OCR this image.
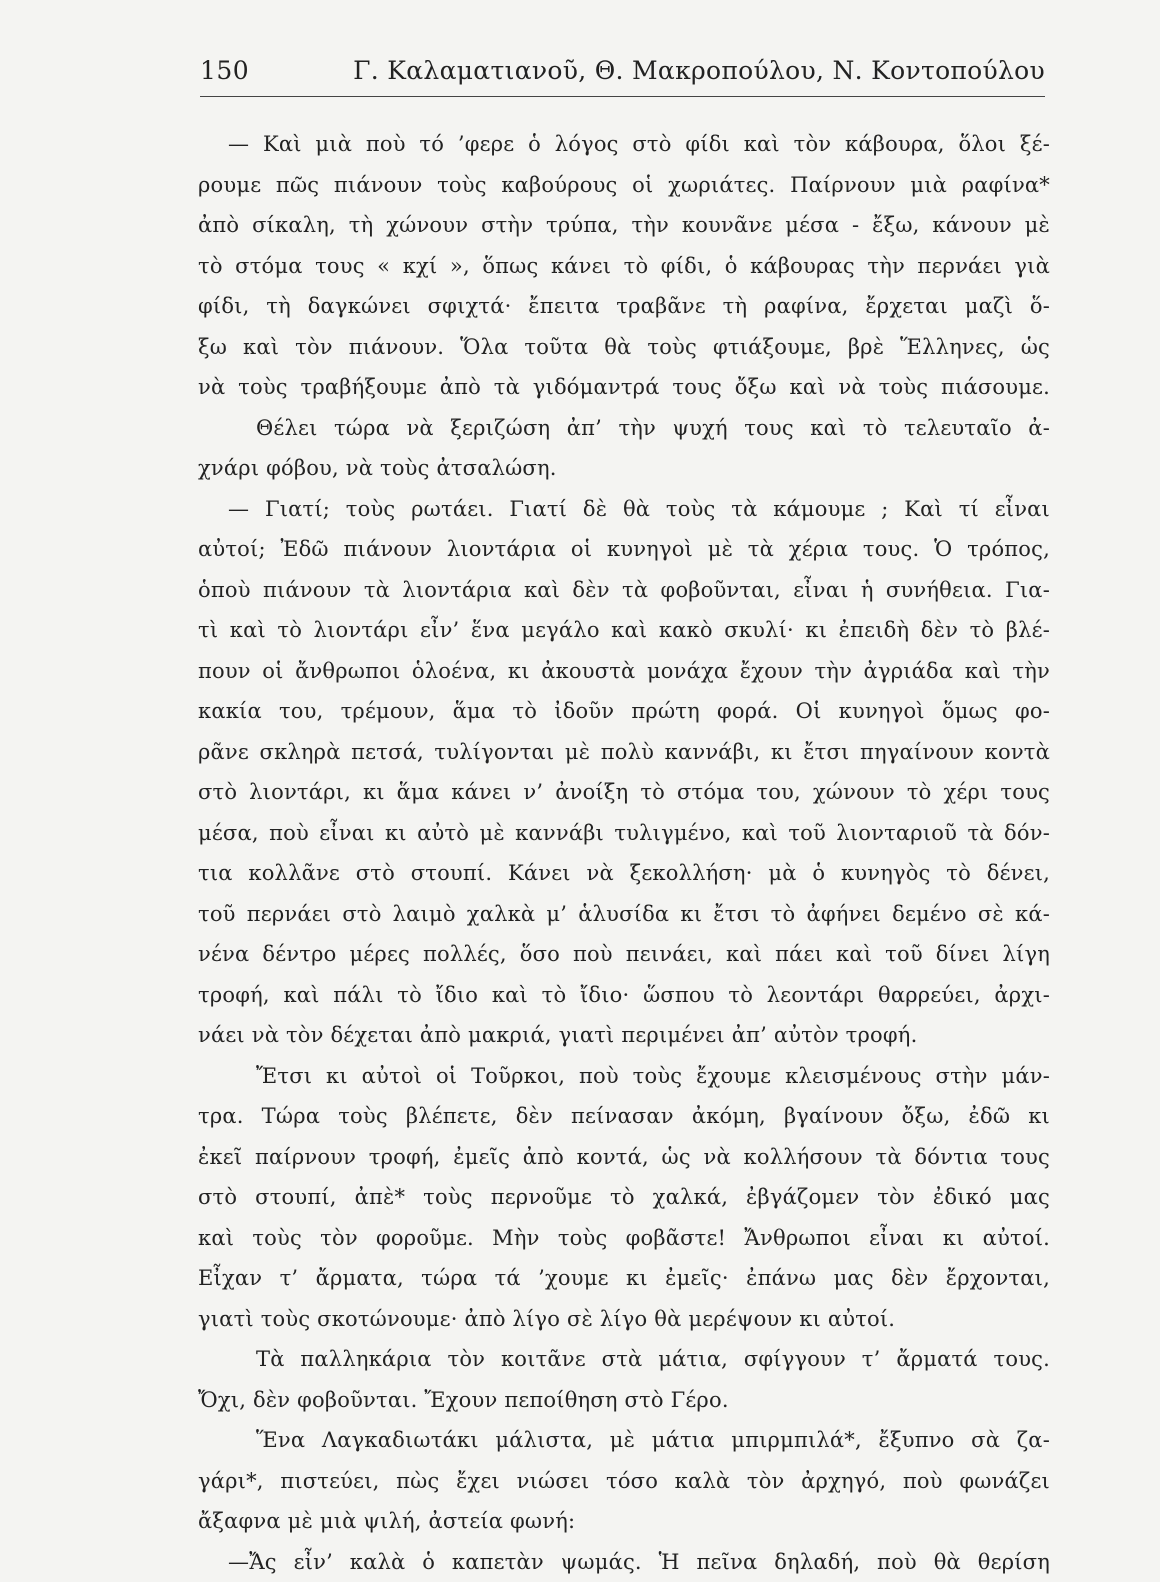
150	Γ. Καλαματιανοῦ, Θ. Μακροπούλου, Ν. Κοντοπούλου
— Καὶ μιὰ ποὺ τό ’φερε ὁ λόγος στὸ φίδι καὶ τὸν κάβουρα, ὅλοι ξέ-
ρουμε πῶς πιάνουν τοὺς καβούρους οἱ χωριάτες. Παίρνουν μιὰ ραφίνα*
ἀπὸ σίκαλη, τὴ χώνουν στὴν τρύπα, τὴν κουνᾶνε μέσα - ἔξω, κάνουν μὲ
τὸ στόμα τους « κχί », ὅπως κάνει τὸ φίδι, ὁ κάβουρας τὴν περνάει γιὰ
φίδι, τὴ δαγκώνει σφιχτά· ἔπειτα τραβᾶνε τὴ ραφίνα, ἔρχεται μαζὶ ὅ-
ξω καὶ τὸν πιάνουν. Ὅλα τοῦτα θὰ τοὺς φτιάξουμε, βρὲ Ἕλληνες, ὡς
νὰ τοὺς τραβήξουμε ἀπὸ τὰ γιδόμαντρά τους ὄξω καὶ νὰ τοὺς πιάσουμε.
Θέλει τώρα νὰ ξεριζώση ἀπ’ τὴν ψυχή τους καὶ τὸ τελευταῖο ἀ-
χνάρι φόβου, νὰ τοὺς ἀτσαλώση.
— Γιατί; τοὺς ρωτάει. Γιατί δὲ θὰ τοὺς τὰ κάμουμε ; Καὶ τί εἶναι
αὐτοί; Ἐδῶ πιάνουν λιοντάρια οἱ κυνηγοὶ μὲ τὰ χέρια τους. Ὁ τρόπος,
ὁποὺ πιάνουν τὰ λιοντάρια καὶ δὲν τὰ φοβοῦνται, εἶναι ἡ συνήθεια. Για-
τὶ καὶ τὸ λιοντάρι εἶν’ ἕνα μεγάλο καὶ κακὸ σκυλί· κι ἐπειδὴ δὲν τὸ βλέ-
πουν οἱ ἄνθρωποι ὁλοένα, κι ἀκουστὰ μονάχα ἔχουν τὴν ἀγριάδα καὶ τὴν
κακία του, τρέμουν, ἅμα τὸ ἰδοῦν πρώτη φορά. Οἱ κυνηγοὶ ὅμως φο-
ρᾶνε σκληρὰ πετσά, τυλίγονται μὲ πολὺ καννάβι, κι ἔτσι πηγαίνουν κοντὰ
στὸ λιοντάρι, κι ἅμα κάνει ν’ ἀνοίξη τὸ στόμα του, χώνουν τὸ χέρι τους
μέσα, ποὺ εἶναι κι αὐτὸ μὲ καννάβι τυλιγμένο, καὶ τοῦ λιονταριοῦ τὰ δόν-
τια κολλᾶνε στὸ στουπί. Κάνει νὰ ξεκολλήση· μὰ ὁ κυνηγὸς τὸ δένει,
τοῦ περνάει στὸ λαιμὸ χαλκὰ μ’ ἁλυσίδα κι ἔτσι τὸ ἀφήνει δεμένο σὲ κά-
νένα δέντρο μέρες πολλές, ὅσο ποὺ πεινάει, καὶ πάει καὶ τοῦ δίνει λίγη
τροφή, καὶ πάλι τὸ ἴδιο καὶ τὸ ἴδιο· ὥσπου τὸ λεοντάρι θαρρεύει, ἀρχι-
νάει νὰ τὸν δέχεται ἀπὸ μακριά, γιατὶ περιμένει ἀπ’ αὐτὸν τροφή.
Ἔτσι κι αὐτοὶ οἱ Τοῦρκοι, ποὺ τοὺς ἔχουμε κλεισμένους στὴν μάν-
τρα. Τώρα τοὺς βλέπετε, δὲν πείνασαν ἀκόμη, βγαίνουν ὄξω, ἐδῶ κι
ἐκεῖ παίρνουν τροφή, ἐμεῖς ἀπὸ κοντά, ὡς νὰ κολλήσουν τὰ δόντια τους
στὸ στουπί, ἀπὲ* τοὺς περνοῦμε τὸ χαλκά, ἐβγάζομεν τὸν ἐδικό μας
καὶ τοὺς τὸν φοροῦμε. Μὴν τοὺς φοβᾶστε! Ἄνθρωποι εἶναι κι αὐτοί.
Εἶχαν τ’ ἄρματα, τώρα τά ’χουμε κι ἐμεῖς· ἐπάνω μας δὲν ἔρχονται,
γιατὶ τοὺς σκοτώνουμε· ἀπὸ λίγο σὲ λίγο θὰ μερέψουν κι αὐτοί.
Τὰ παλληκάρια τὸν κοιτᾶνε στὰ μάτια, σφίγγουν τ’ ἄρματά τους.
Ὄχι, δὲν φοβοῦνται. Ἔχουν πεποίθηση στὸ Γέρο.
Ἕνα Λαγκαδιωτάκι μάλιστα, μὲ μάτια μπιρμπιλά*, ἔξυπνο σὰ ζα-
γάρι*, πιστεύει, πὼς ἔχει νιώσει τόσο καλὰ τὸν ἀρχηγό, ποὺ φωνάζει
ἄξαφνα μὲ μιὰ ψιλή, ἀστεία φωνή:
—Ἄς εἶν’ καλὰ ὁ καπετὰν ψωμάς. Ἡ πεῖνα δηλαδή, ποὺ θὰ θερίση
